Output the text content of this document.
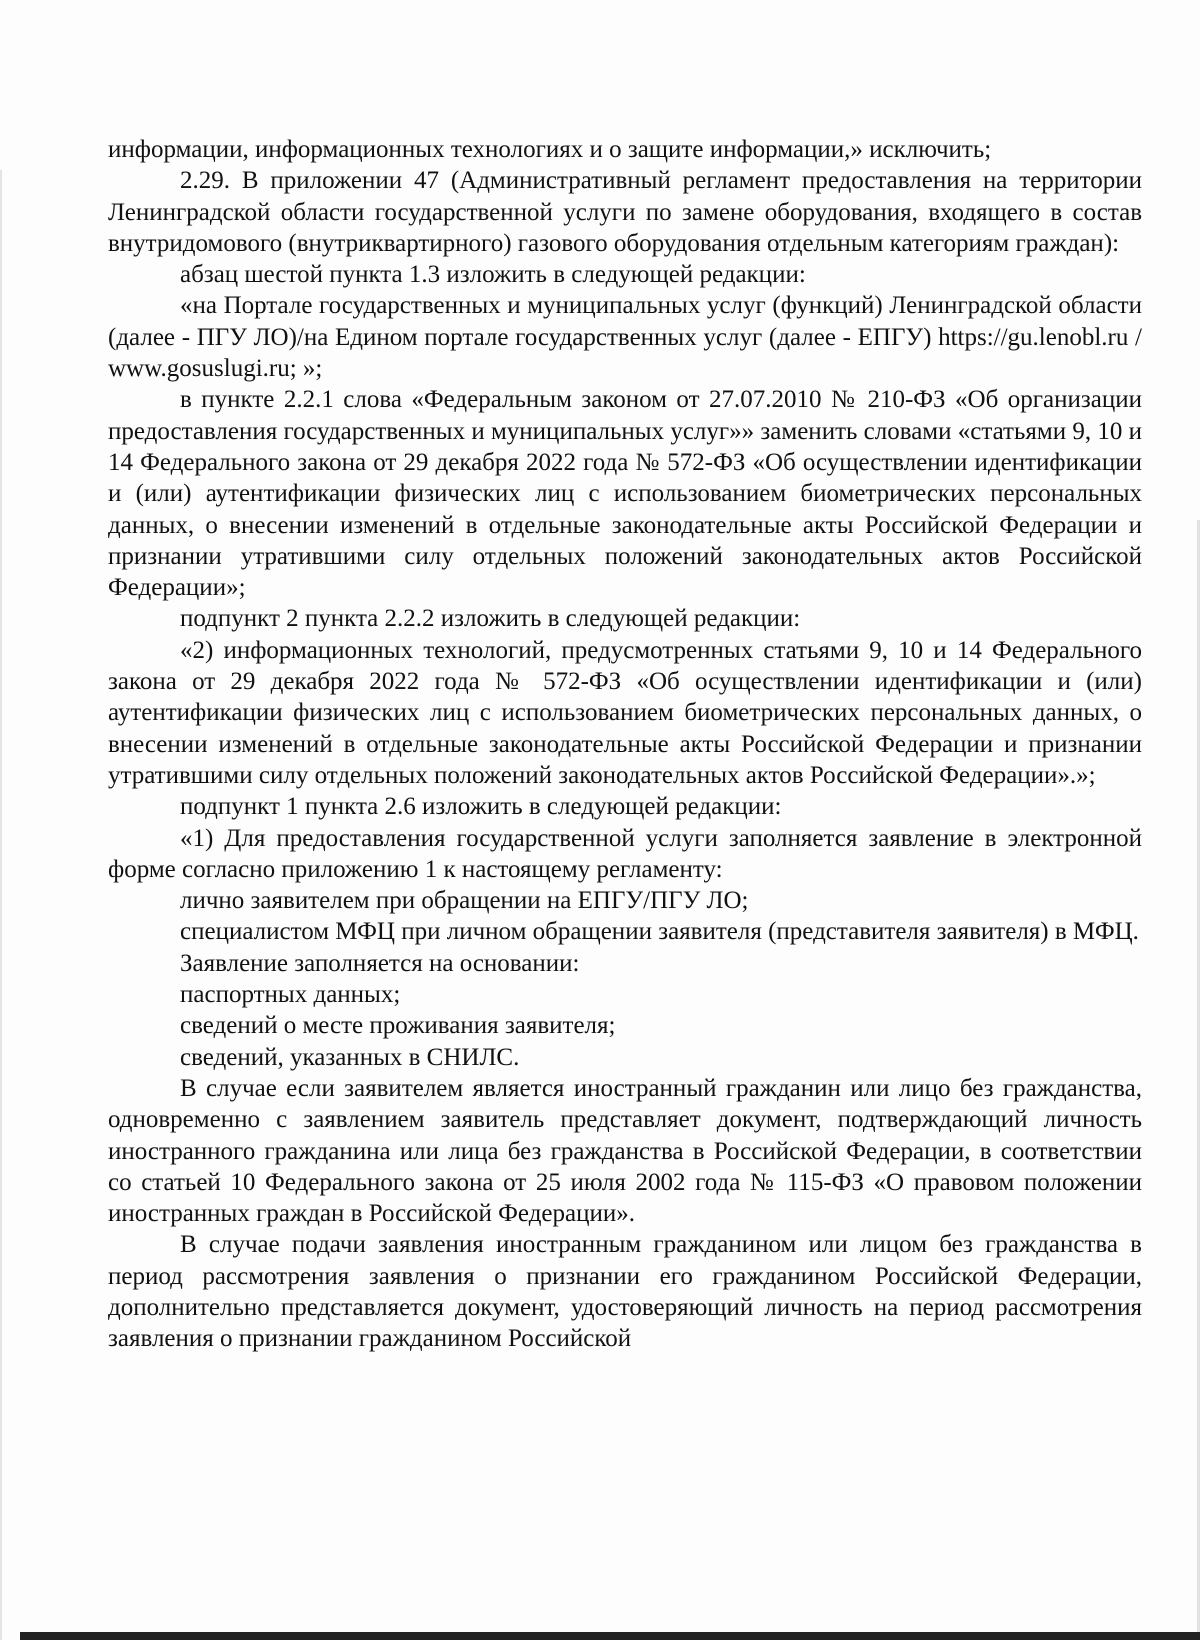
информации, информационных технологиях и о защите информации,» исключить;

2.29. В приложении 47 (Административный регламент предоставления на территории Ленинградской области государственной услуги по замене оборудования, входящего в состав внутридомового (внутриквартирного) газового оборудования отдельным категориям граждан):

абзац шестой пункта 1.3 изложить в следующей редакции:

«на Портале государственных и муниципальных услуг (функций) Ленинградской области (далее - ПГУ ЛО)/на Едином портале государственных услуг (далее - ЕПГУ) https://gu.lenobl.ru / www.gosuslugi.ru; »;

в пункте 2.2.1 слова «Федеральным законом от 27.07.2010 № 210-ФЗ «Об организации предоставления государственных и муниципальных услуг»» заменить словами «статьями 9, 10 и 14 Федерального закона от 29 декабря 2022 года № 572-ФЗ «Об осуществлении идентификации и (или) аутентификации физических лиц с использованием биометрических персональных данных, о внесении изменений в отдельные законодательные акты Российской Федерации и признании утратившими силу отдельных положений законодательных актов Российской Федерации»;

подпункт 2 пункта 2.2.2 изложить в следующей редакции:

«2) информационных технологий, предусмотренных статьями 9, 10 и 14 Федерального закона от 29 декабря 2022 года № 572-ФЗ «Об осуществлении идентификации и (или) аутентификации физических лиц с использованием биометрических персональных данных, о внесении изменений в отдельные законодательные акты Российской Федерации и признании утратившими силу отдельных положений законодательных актов Российской Федерации».»;

подпункт 1 пункта 2.6 изложить в следующей редакции:

«1) Для предоставления государственной услуги заполняется заявление в электронной форме согласно приложению 1 к настоящему регламенту:

лично заявителем при обращении на ЕПГУ/ПГУ ЛО;

специалистом МФЦ при личном обращении заявителя (представителя заявителя) в МФЦ.

Заявление заполняется на основании:

паспортных данных;

сведений о месте проживания заявителя;

сведений, указанных в СНИЛС.

В случае если заявителем является иностранный гражданин или лицо без гражданства, одновременно с заявлением заявитель представляет документ, подтверждающий личность иностранного гражданина или лица без гражданства в Российской Федерации, в соответствии со статьей 10 Федерального закона от 25 июля 2002 года № 115-ФЗ «О правовом положении иностранных граждан в Российской Федерации».

В случае подачи заявления иностранным гражданином или лицом без гражданства в период рассмотрения заявления о признании его гражданином Российской Федерации, дополнительно представляется документ, удостоверяющий личность на период рассмотрения заявления о признании гражданином Российской
